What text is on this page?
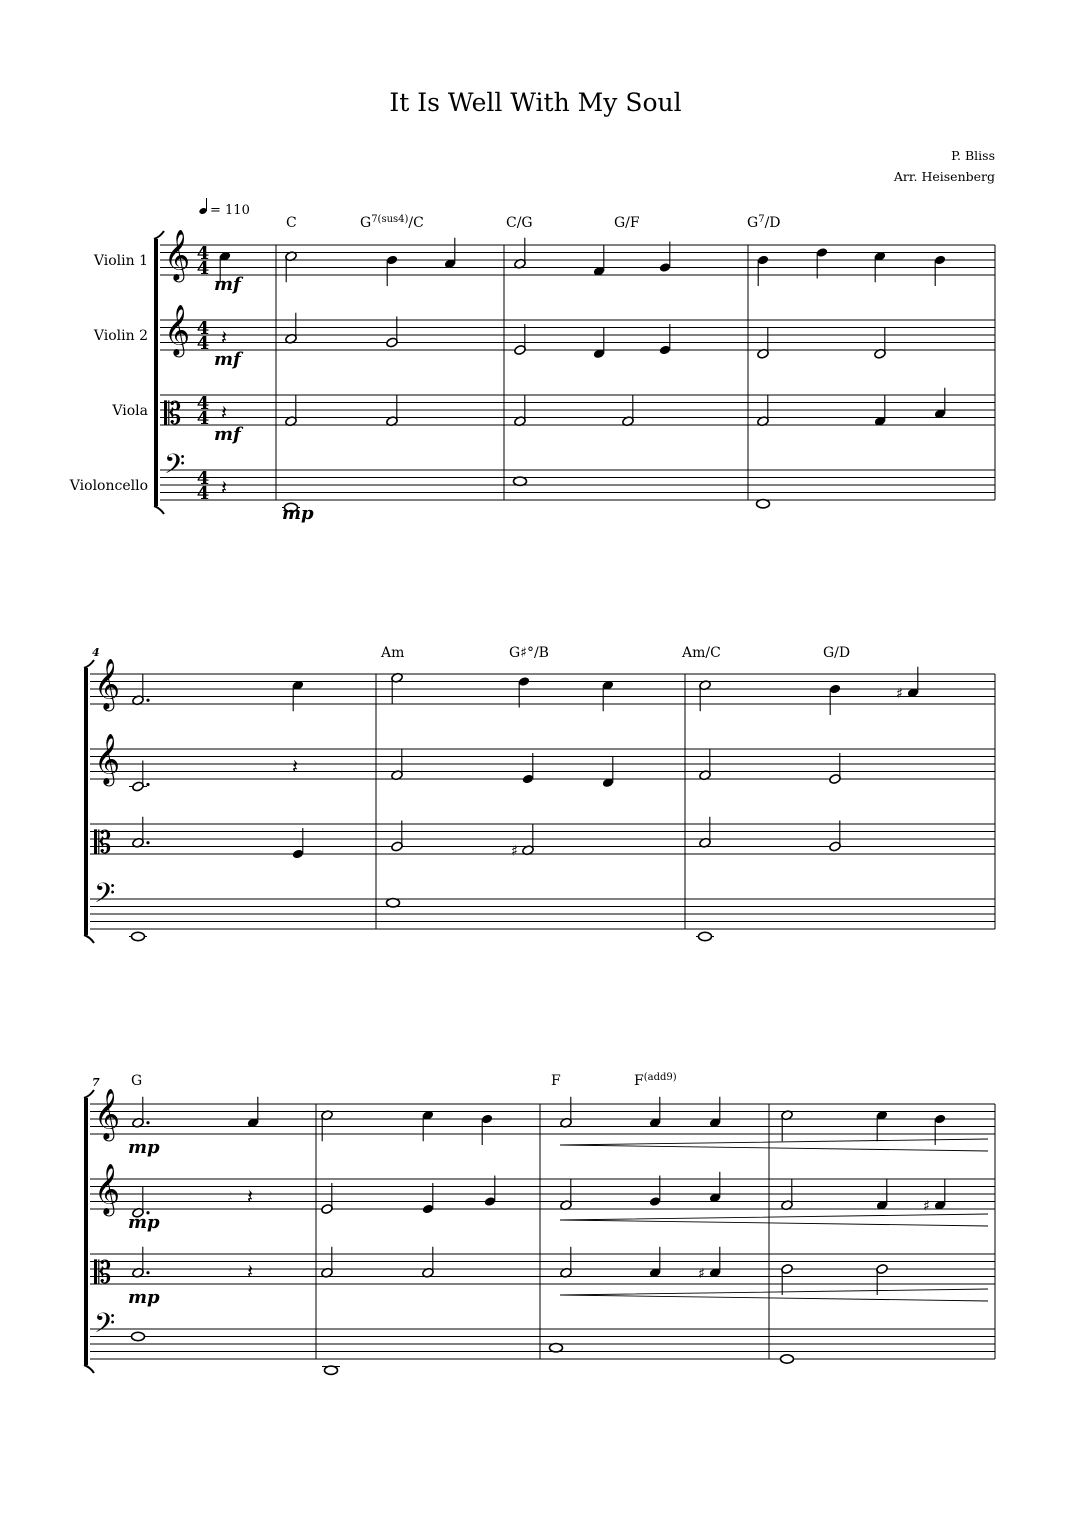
It Is Well With My Soul
P. Bliss
Arr. Heisenberg
𝄞
𝄞
𝄡
𝄢
C	$G^{7(sus4)}/C$	C/G	G/F	$G^7/D$
𝄽
𝄽
𝄽
Violin 1	4
4
Violin 2	4
4
Viola	4
4
Violoncello	4
4
mf
mf
mf
mp
𝄞
𝄞
𝄡
𝄢
Am	G♯°/B	Am/C	G/D
♯
♯
𝄽
4
𝄞
𝄞
𝄡
𝄢
G	F	$F^{(add9)}$
♯
♯
𝄽
𝄽
7
mp
mp
mp
= 110
